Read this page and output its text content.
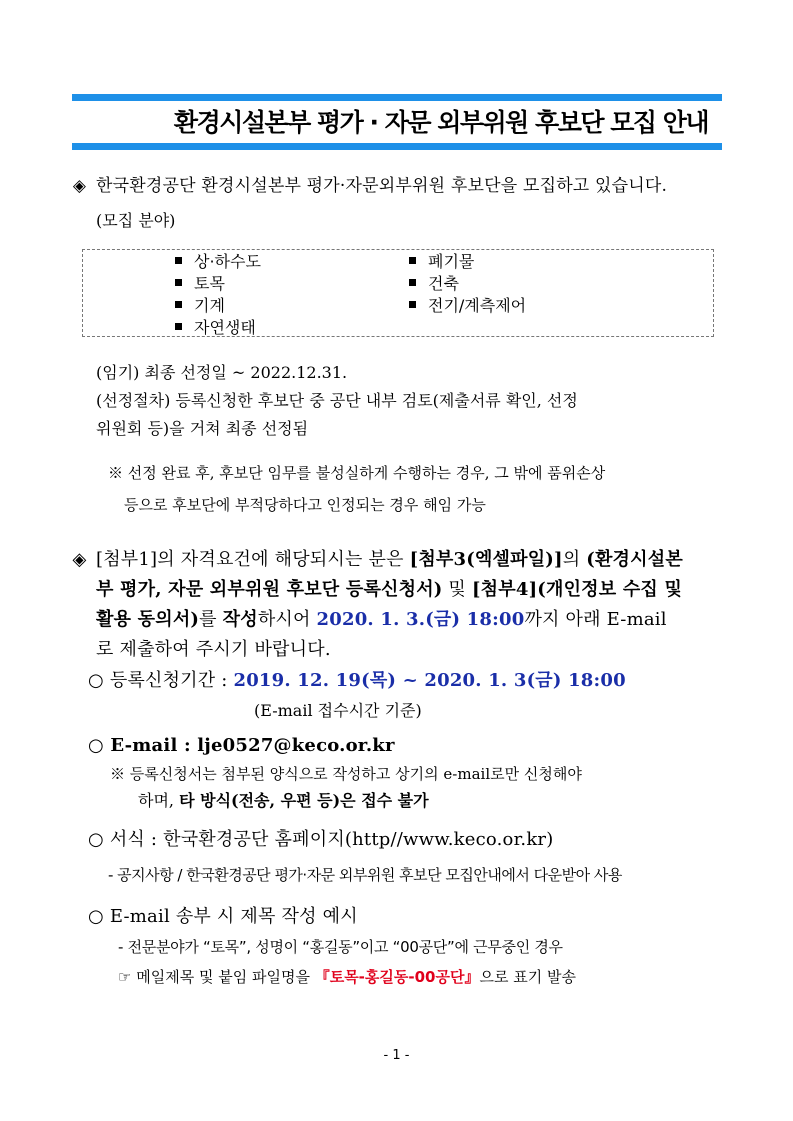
환경시설본부 평가 · 자문 외부위원 후보단 모집 안내
◈ 한국환경공단 환경시설본부 평가·자문외부위원 후보단을 모집하고 있습니다.
(모집 분야)
상·하수도
토목
기계
자연생태
폐기물
건축
전기/계측제어
(임기) 최종 선정일 ~ 2022.12.31.
(선정절차) 등록신청한 후보단 중 공단 내부 검토(제출서류 확인, 선정
위원회 등)을 거쳐 최종 선정됨
※ 선정 완료 후, 후보단 임무를 불성실하게 수행하는 경우, 그 밖에 품위손상
등으로 후보단에 부적당하다고 인정되는 경우 해임 가능
◈ [첨부1]의 자격요건에 해당되시는 분은 [첨부3(엑셀파일)]의 (환경시설본
부 평가, 자문 외부위원 후보단 등록신청서) 및 [첨부4](개인정보 수집 및
활용 동의서)를 작성하시어 2020. 1. 3.(금) 18:00까지 아래 E-mail
로 제출하여 주시기 바랍니다.
○ 등록신청기간 : 2019. 12. 19(목) ~ 2020. 1. 3(금) 18:00
(E-mail 접수시간 기준)
○ E-mail : lje0527@keco.or.kr
※ 등록신청서는 첨부된 양식으로 작성하고 상기의 e-mail로만 신청해야
하며, 타 방식(전송, 우편 등)은 접수 불가
○ 서식 : 한국환경공단 홈페이지(http//www.keco.or.kr)
- 공지사항 / 한국환경공단 평가·자문 외부위원 후보단 모집안내에서 다운받아 사용
○ E-mail 송부 시 제목 작성 예시
- 전문분야가 “토목”, 성명이 “홍길동”이고 “00공단”에 근무중인 경우
☞ 메일제목 및 붙임 파일명을 『토목-홍길동-00공단』으로 표기 발송
- 1 -
